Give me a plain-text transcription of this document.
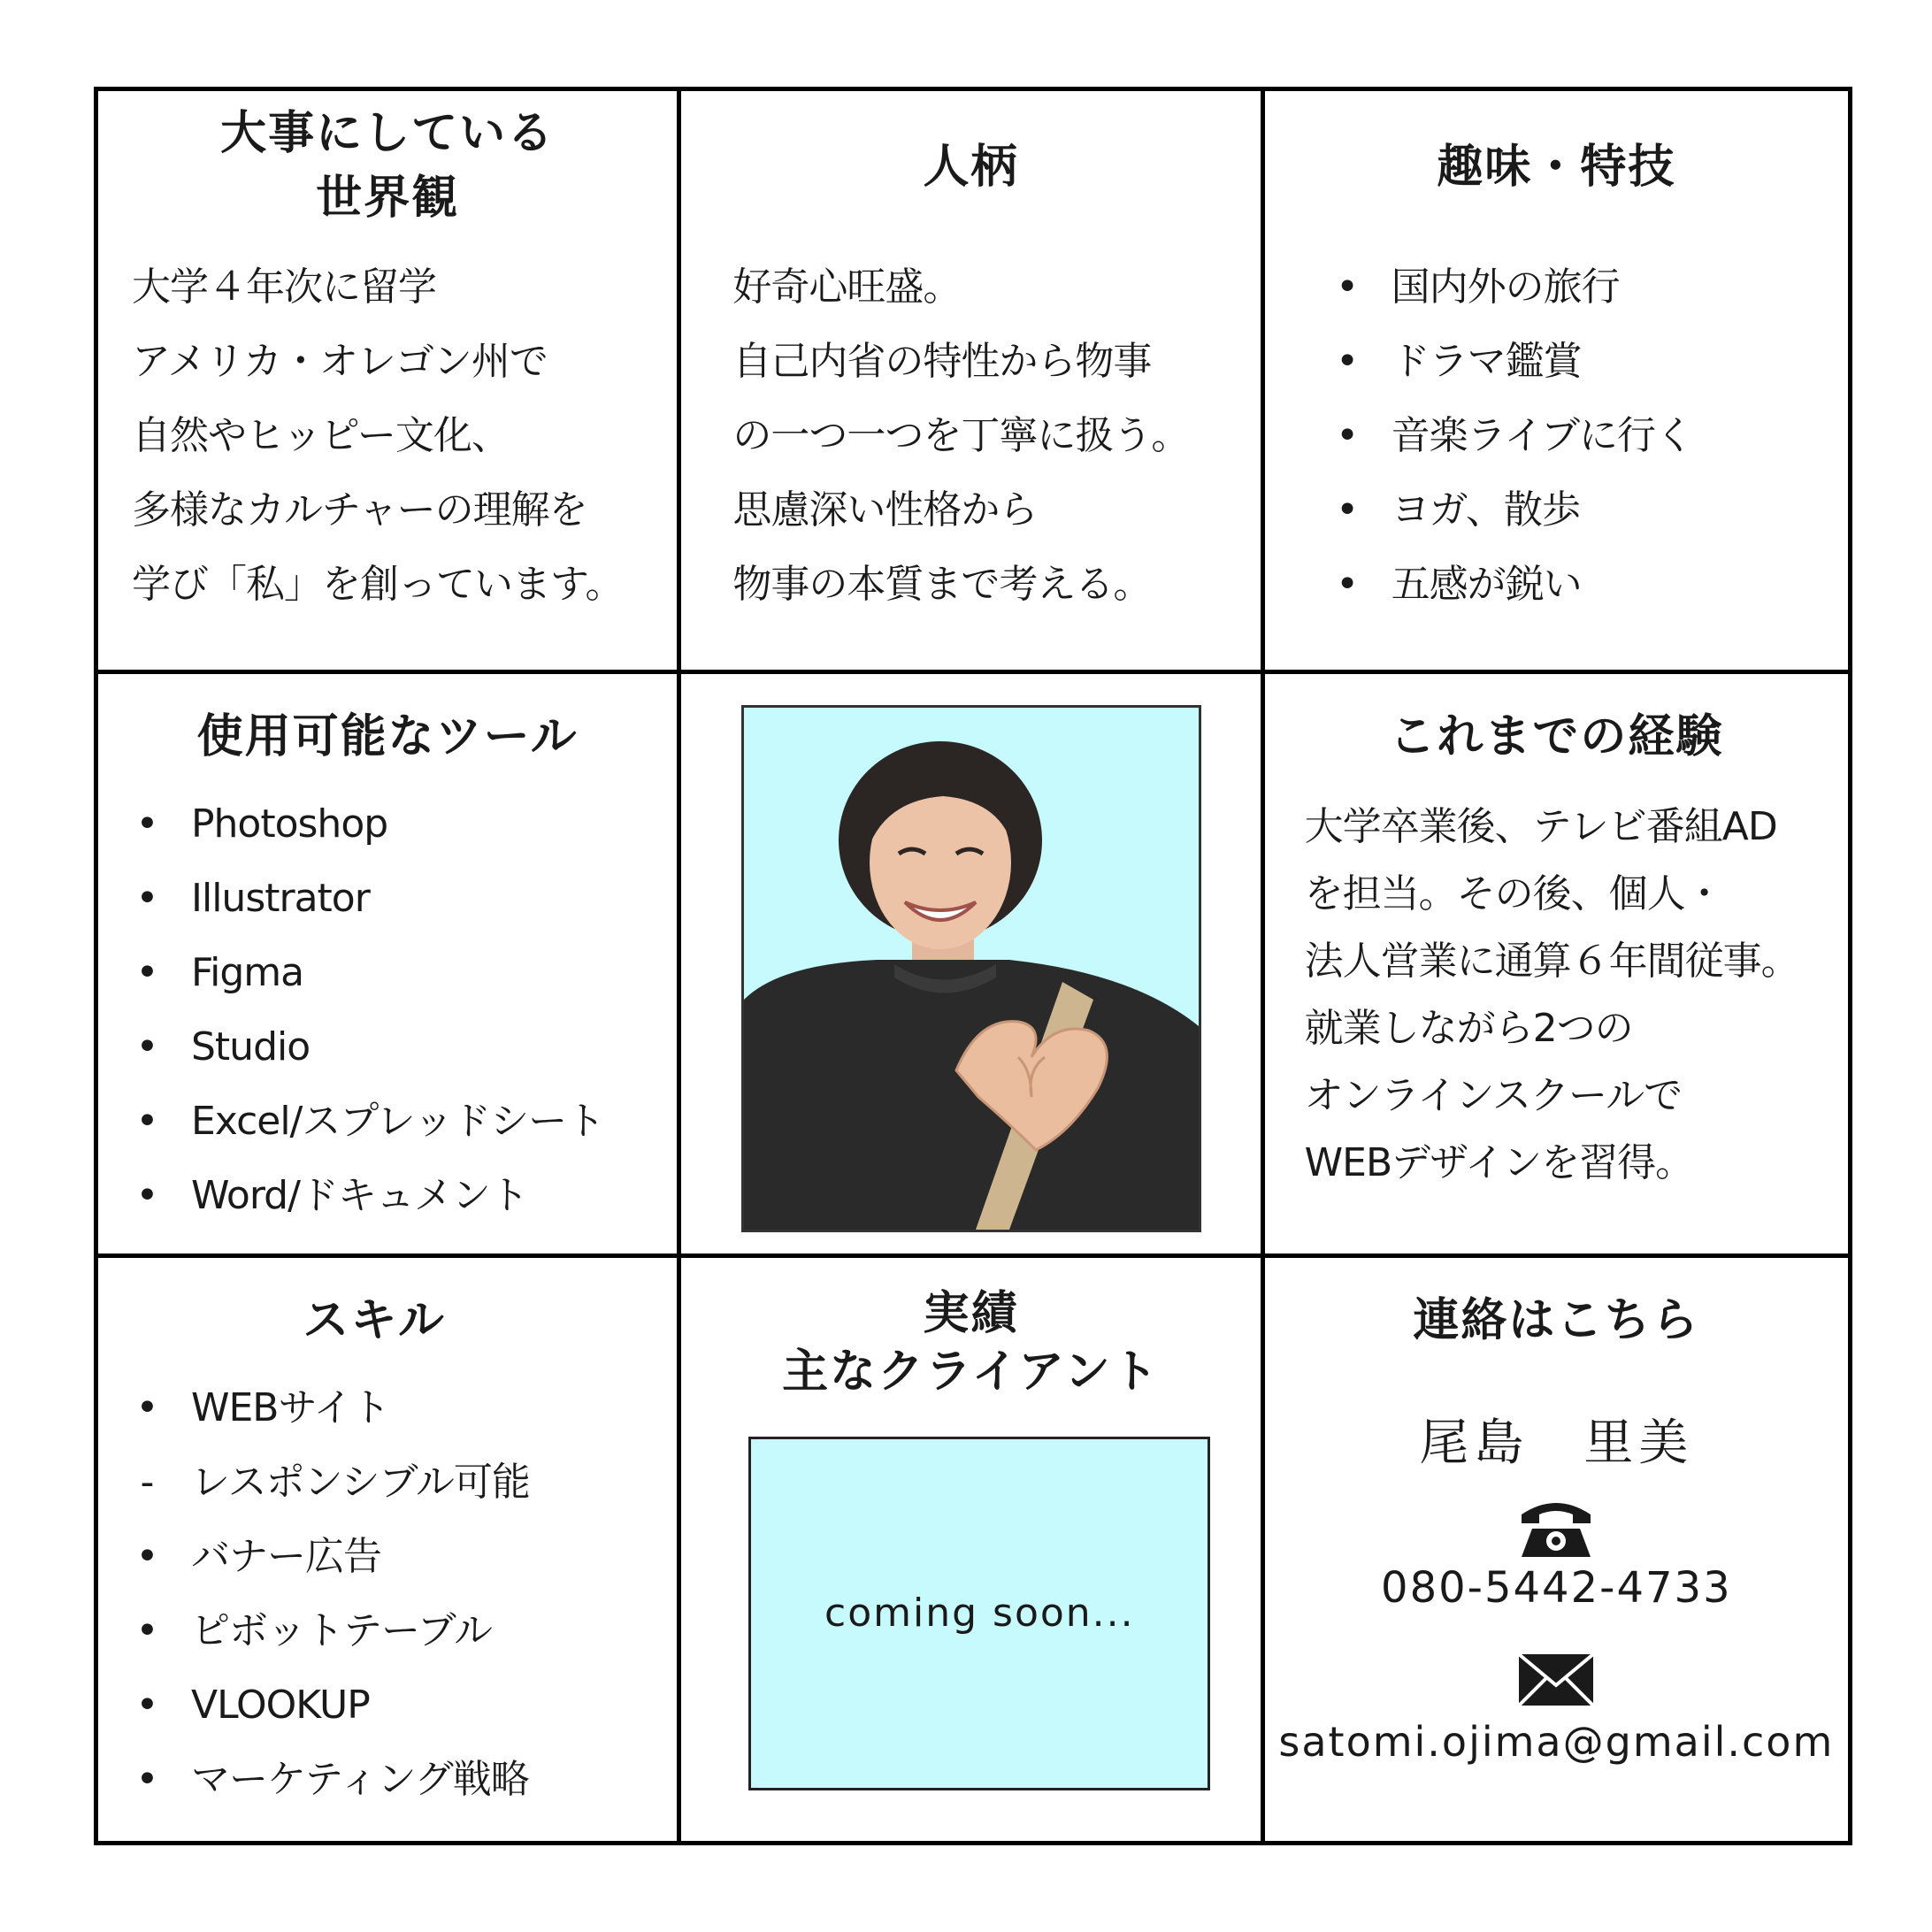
大事にしている

世界観

大学４年次に留学

アメリカ・オレゴン州で

自然やヒッピー文化、

多様なカルチャーの理解を

学び「私」を創っています。

人柄

好奇心旺盛。

自己内省の特性から物事

の一つ一つを丁寧に扱う。

思慮深い性格から

物事の本質まで考える。

趣味・特技

• 国内外の旅行
• ドラマ鑑賞
• 音楽ライブに行く
• ヨガ、散歩
• 五感が鋭い

使用可能なツール

• Photoshop
• Illustrator
• Figma
• Studio
• Excel/スプレッドシート
• Word/ドキュメント

これまでの経験

大学卒業後、テレビ番組AD

を担当。その後、個人・

法人営業に通算６年間従事。

就業しながら2つの

オンラインスクールで

WEBデザインを習得。

スキル

• WEBサイト
- レスポンシブル可能
• バナー広告
• ピボットテーブル
• VLOOKUP
• マーケティング戦略

実績

主なクライアント

coming soon...

連絡はこちら

尾島　里美

080-5442-4733

satomi.ojima@gmail.com
